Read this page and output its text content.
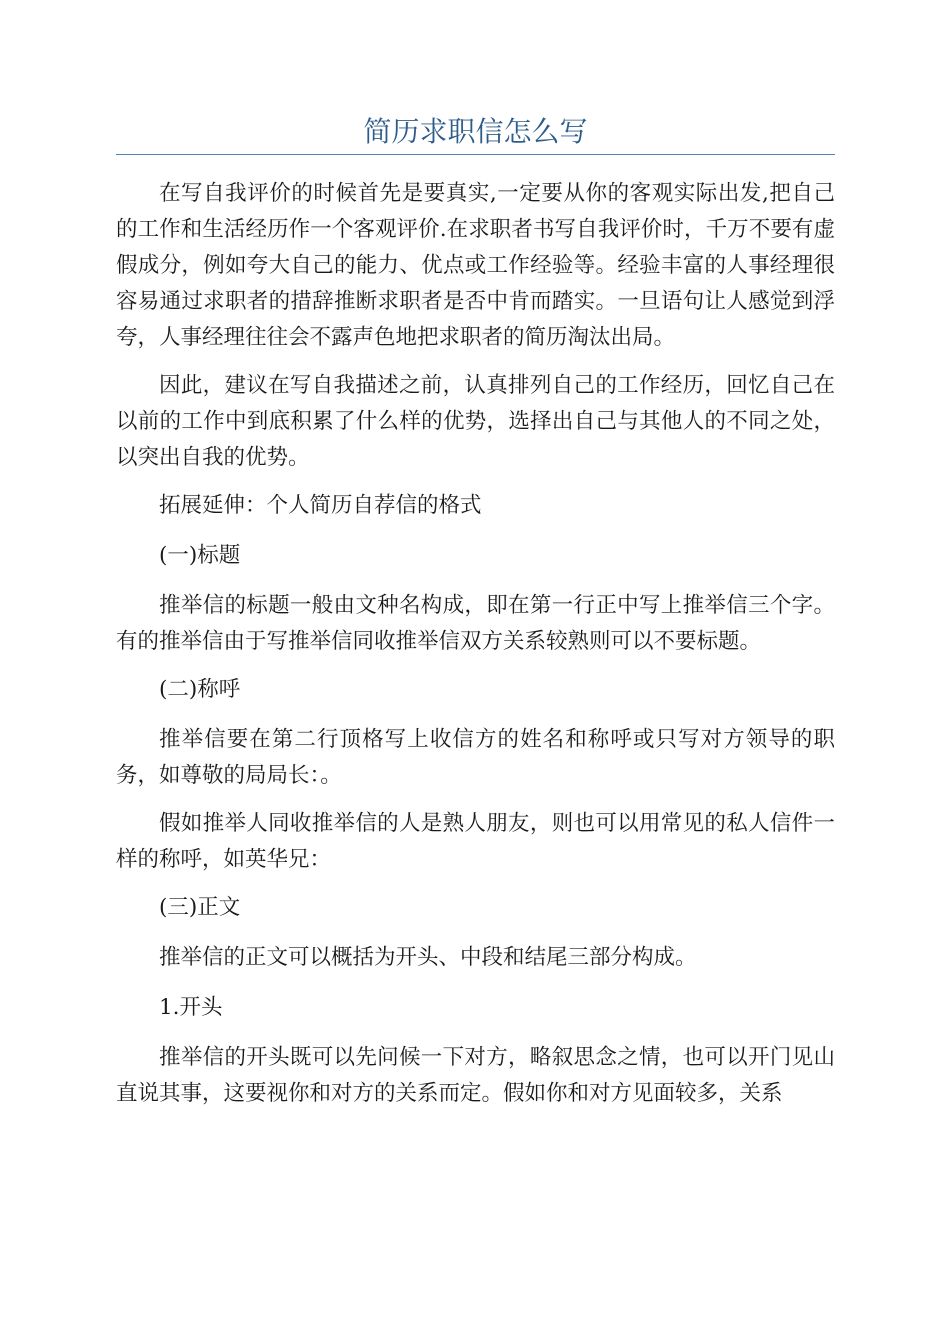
简历求职信怎么写

在写自我评价的时候首先是要真实,一定要从你的客观实际出发,把自己的工作和生活经历作一个客观评价.在求职者书写自我评价时，千万不要有虚假成分，例如夸大自己的能力、优点或工作经验等。经验丰富的人事经理很容易通过求职者的措辞推断求职者是否中肯而踏实。一旦语句让人感觉到浮夸，人事经理往往会不露声色地把求职者的简历淘汰出局。

因此，建议在写自我描述之前，认真排列自己的工作经历，回忆自己在以前的工作中到底积累了什么样的优势，选择出自己与其他人的不同之处，以突出自我的优势。

拓展延伸：个人简历自荐信的格式

(一)标题

推举信的标题一般由文种名构成，即在第一行正中写上推举信三个字。有的推举信由于写推举信同收推举信双方关系较熟则可以不要标题。

(二)称呼

推举信要在第二行顶格写上收信方的姓名和称呼或只写对方领导的职务，如尊敬的局局长：。

假如推举人同收推举信的人是熟人朋友，则也可以用常见的私人信件一样的称呼，如英华兄：

(三)正文

推举信的正文可以概括为开头、中段和结尾三部分构成。

1.开头

推举信的开头既可以先问候一下对方，略叙思念之情，也可以开门见山直说其事，这要视你和对方的关系而定。假如你和对方见面较多，关系
